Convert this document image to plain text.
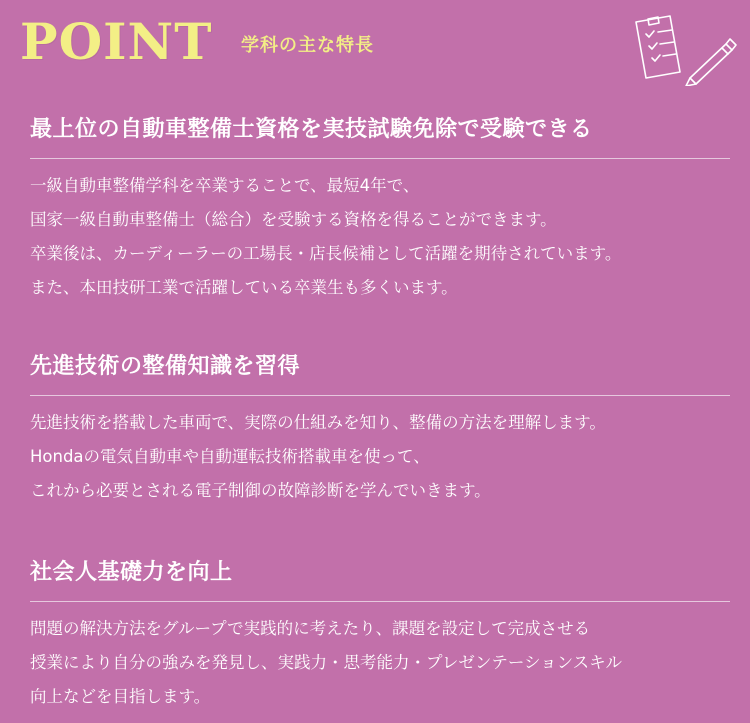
POINT 学科の主な特長
最上位の自動車整備士資格を実技試験免除で受験できる
一級自動車整備学科を卒業することで、最短4年で、
国家一級自動車整備士（総合）を受験する資格を得ることができます。
卒業後は、カーディーラーの工場長・店長候補として活躍を期待されています。
また、本田技研工業で活躍している卒業生も多くいます。
先進技術の整備知識を習得
先進技術を搭載した車両で、実際の仕組みを知り、整備の方法を理解します。
Hondaの電気自動車や自動運転技術搭載車を使って、
これから必要とされる電子制御の故障診断を学んでいきます。
社会人基礎力を向上
問題の解決方法をグループで実践的に考えたり、課題を設定して完成させる
授業により自分の強みを発見し、実践力・思考能力・プレゼンテーションスキル
向上などを目指します。
